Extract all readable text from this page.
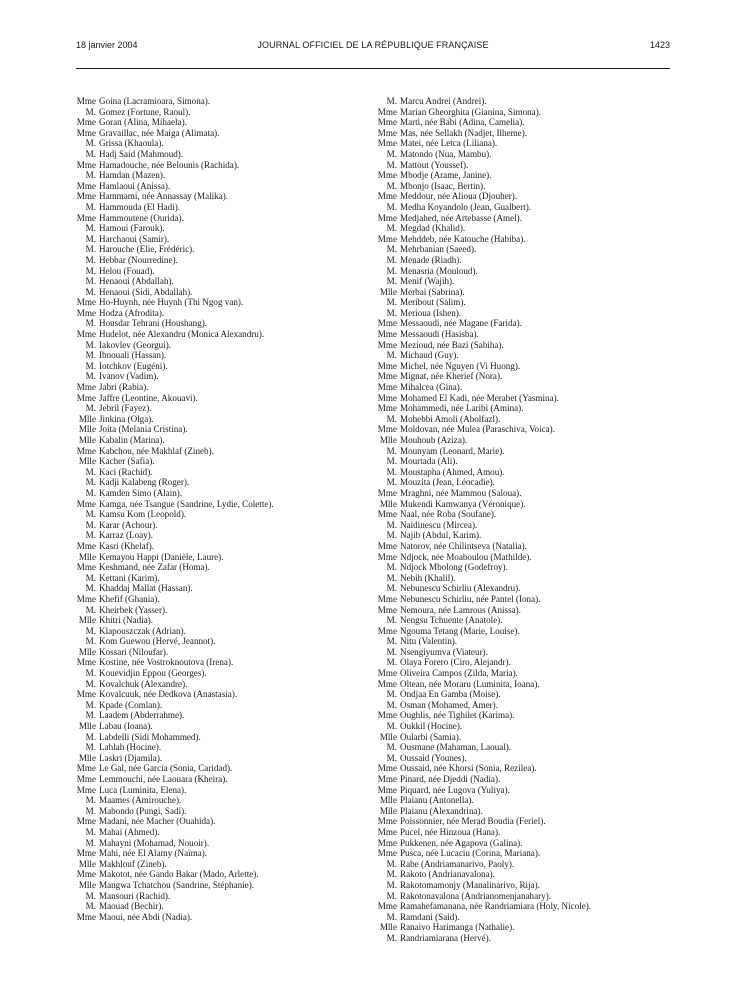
18 janvier 2004	JOURNAL OFFICIEL DE LA RÉPUBLIQUE FRANÇAISE	1423
Mme Goina (Lacramioara, Simona).
M. Gomez (Fortune, Raoul).
Mme Goran (Alina, Mihaela).
Mme Gravaillac, née Maiga (Alimata).
M. Grissa (Khaoula).
M. Hadj Said (Mahmoud).
Mme Hamadouche, née Belounis (Rachida).
M. Hamdan (Mazen).
Mme Hamlaoui (Anissa).
Mme Hammami, née Annassay (Malika).
M. Hammouda (El Hadi).
Mme Hammoutene (Ourida).
M. Hamoui (Farouk).
M. Harchaoui (Samir).
M. Harouche (Elie, Frédéric).
M. Hebbar (Nourredine).
M. Helou (Fouad).
M. Henaoui (Abdallah).
M. Henaoui (Sidi, Abdallah).
Mme Ho-Huynh, née Huynh (Thi Ngog van).
Mme Hodza (Afrodita).
M. Housdar Tehrani (Houshang).
Mme Hudelot, née Alexandru (Monica Alexandru).
M. Iakovlev (Georgui).
M. Ibnouali (Hassan).
M. Iotchkov (Eugéni).
M. Ivanov (Vadim).
Mme Jabri (Rabia).
Mme Jaffre (Leontine, Akouavi).
M. Jebril (Fayez).
Mlle Jinkina (Olga).
Mlle Joita (Melania Cristina).
Mlle Kabalin (Marina).
Mme Kabchou, née Makhlaf (Zineb).
Mlle Kacher (Safia).
M. Kaci (Rachid).
M. Kadji Kalabeng (Roger).
M. Kamden Simo (Alain).
Mme Kamga, née Tsangue (Sandrine, Lydie, Colette).
M. Kamsu Kom (Leopold).
M. Karar (Achour).
M. Karraz (Loay).
Mme Kasri (Khelaf).
Mlle Kemayou Happi (Danièle, Laure).
Mme Keshmand, née Zafar (Homa).
M. Kettani (Karim).
M. Khaddaj Mallat (Hassan).
Mme Khefif (Ghania).
M. Kheirbek (Yasser).
Mlle Khitri (Nadia).
M. Klapouszczak (Adrian).
M. Kom Guewou (Hervé, Jeannot).
Mlle Kossari (Niloufar).
Mme Kostine, née Vostroknoutova (Irena).
M. Kouevidjin Eppou (Georges).
M. Kovalchuk (Alexandre).
Mme Kovalcuuk, née Dedkova (Anastasia).
M. Kpade (Comlan).
M. Laadem (Abderrahme).
Mlle Labau (Ioana).
M. Labdelli (Sidi Mohammed).
M. Lahlah (Hocine).
Mlle Laskri (Djamila).
Mme Le Gal, née Garcia (Sonia, Caridad).
Mme Lemmouchi, née Laouara (Kheira).
Mme Luca (Luminita, Elena).
M. Maames (Amirouche).
M. Mabondo (Pungi, Sadi).
Mme Madani, née Macher (Ouahida).
M. Mahai (Ahmed).
M. Mahayni (Mohamad, Nouoir).
Mme Mahi, née El Alamy (Naïma).
Mlle Makhlouf (Zineb).
Mme Makotot, née Gando Bakar (Mado, Arlette).
Mlle Mangwa Tchatchou (Sandrine, Stéphanie).
M. Mansouri (Rachid).
M. Maouad (Bechir).
Mme Maoui, née Abdi (Nadia).
M. Marcu Andrei (Andrei).
Mme Marian Gheorghita (Gianina, Simona).
Mme Marti, née Babi (Adina, Camelia).
Mme Mas, née Sellakh (Nadjet, Ilheme).
Mme Matei, née Letca (Liliana).
M. Matondo (Nua, Mambu).
M. Mattout (Youssef).
Mme Mbodje (Arame, Janine).
M. Mbonjo (Isaac, Bertin).
Mme Meddour, née Alioua (Djouher).
M. Medha Koyandolo (Jean, Gualbert).
Mme Medjahed, née Artebasse (Amel).
M. Megdad (Khalid).
Mme Mehddeb, née Katouche (Habiba).
M. Mehrbanian (Saeed).
M. Menade (Riadh).
M. Menasria (Mouloud).
M. Menif (Wajih).
Mlle Merbai (Sabrina).
M. Meribout (Salim).
M. Merioua (Ishen).
Mme Messaoudi, née Magane (Farida).
Mme Messaoudi (Hasisba).
Mme Mezioud, née Bazi (Sabiha).
M. Michaud (Guy).
Mme Michel, née Nguyen (Vi Huong).
Mme Mignat, née Kherief (Nora).
Mme Mihalcea (Gina).
Mme Mohamed El Kadi, née Merabet (Yasmina).
Mme Mohammedi, née Laribi (Amina).
M. Mohebbi Amoli (Abolfazl).
Mme Moldovan, née Mulea (Paraschiva, Voica).
Mlle Mouhoub (Aziza).
M. Mounyam (Leonard, Marie).
M. Mourtada (Ali).
M. Moustapha (Ahmed, Amou).
M. Mouzita (Jean, Léocadie).
Mme Mraghni, née Mammou (Saloua).
Mlle Mukendi Kamwanya (Véronique).
Mme Naal, née Roba (Soufane).
M. Naidinescu (Mircea).
M. Najib (Abdul, Karim).
Mme Natorov, née Chilintseva (Natalia).
Mme Ndjock, née Moaboulou (Mathilde).
M. Ndjock Mbolong (Godefroy).
M. Nebih (Khalil).
M. Nebunescu Schirliu (Alexandru).
Mme Nebunescu Schirliu, née Pantel (Iona).
Mme Nemoura, née Lamrous (Anissa).
M. Nengsu Tchuente (Anatole).
Mme Ngouma Tetang (Marie, Louise).
M. Nitu (Valentin).
M. Nsengiyumva (Viateur).
M. Olaya Forero (Ciro, Alejandr).
Mme Oliveira Campos (Zilda, Maria).
Mme Oltean, née Moraru (Luminita, Ioana).
M. Ondjaa En Gamba (Moise).
M. Osman (Mohamed, Amer).
Mme Oughlis, née Tighilet (Karima).
M. Oukkil (Hocine).
Mlle Oularbi (Samia).
M. Ousmane (Mahaman, Laoual).
M. Oussaid (Younes).
Mme Oussaid, née Khorsi (Sonia, Rezilea).
Mme Pinard, née Djeddi (Nadia).
Mme Piquard, née Lugova (Yuliya).
Mlle Plaianu (Antonella).
Mlle Plaianu (Alexandrina).
Mme Poissonnier, née Merad Boudia (Feriel).
Mme Pucel, née Hinzoua (Hana).
Mme Pukkenen, née Agapova (Galina).
Mme Pusca, née Lucaciu (Corina, Mariana).
M. Rabe (Andriamanarivo, Paoly).
M. Rakoto (Andrianavalona).
M. Rakotomamonjy (Manalinarivo, Rija).
M. Rakotonavalona (Andrianomenjanahary).
Mme Ramahefamanana, née Randriamiara (Holy, Nicole).
M. Ramdani (Said).
Mlle Ranaivo Harimanga (Nathalie).
M. Randriamiarana (Hervé).
